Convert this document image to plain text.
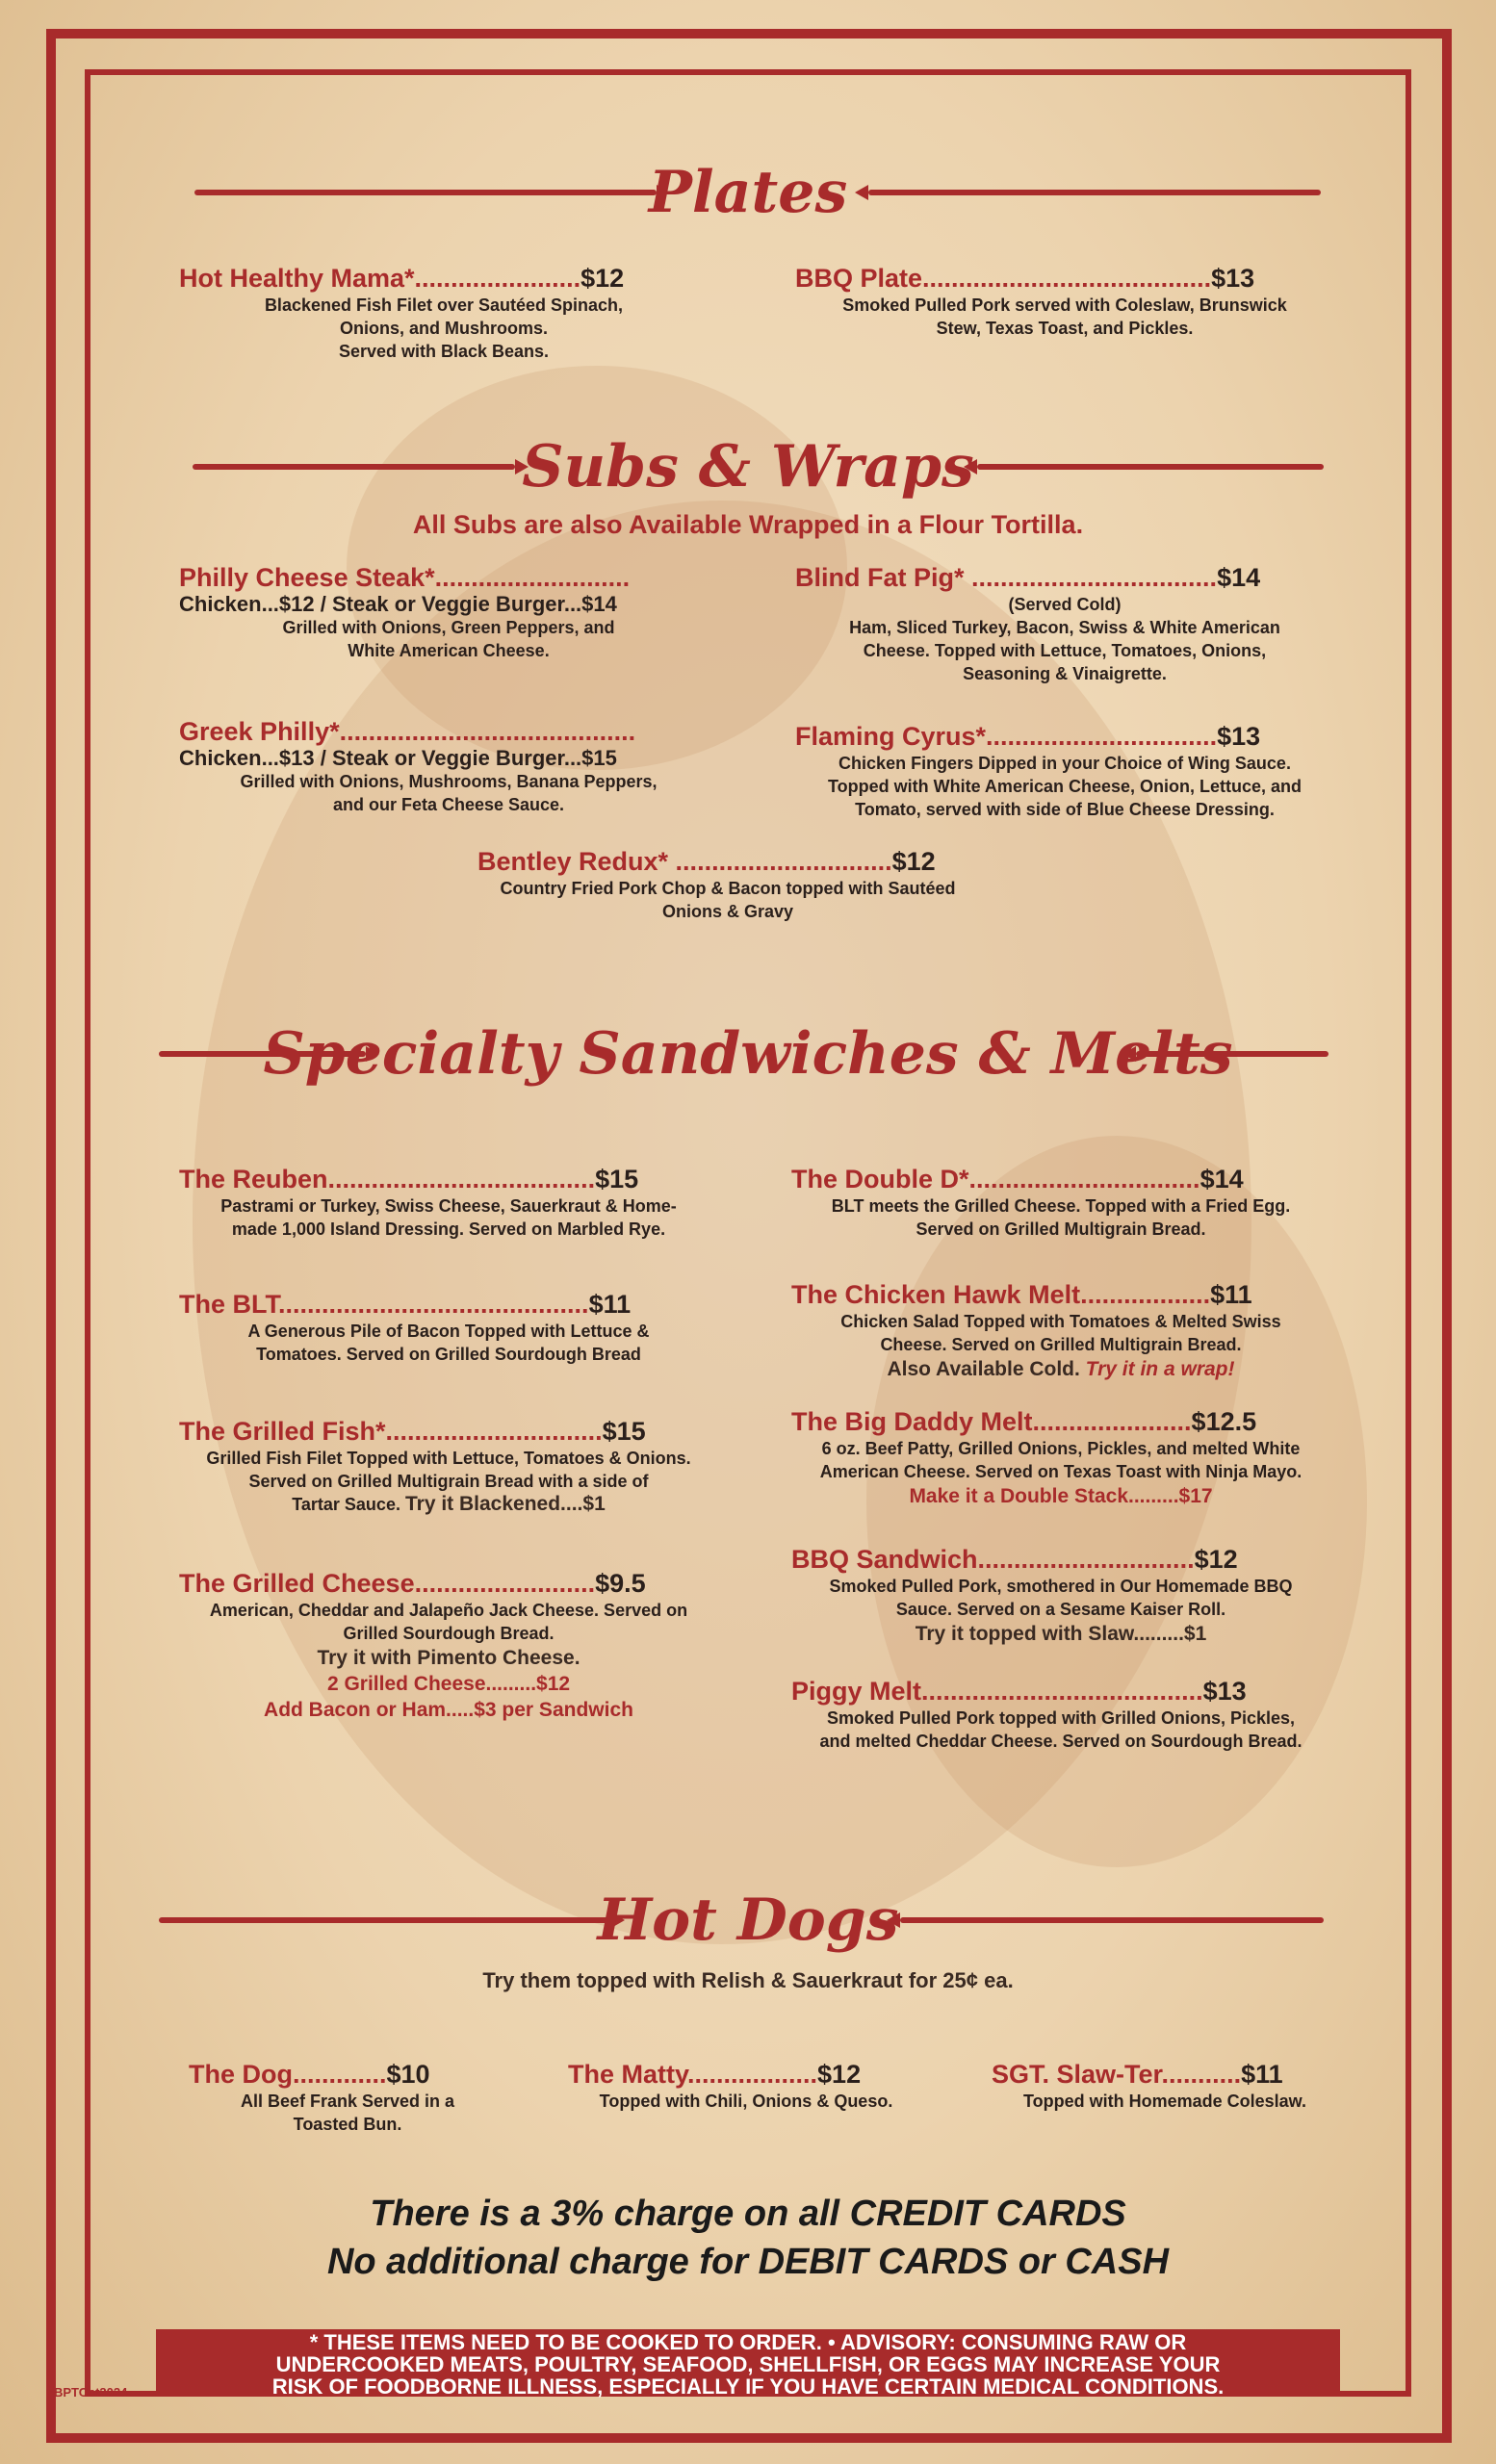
Plates
Hot Healthy Mama*.......................$12
Blackened Fish Filet over Sautéed Spinach,
Onions, and Mushrooms.
Served with Black Beans.
BBQ Plate........................................$13
Smoked Pulled Pork served with Coleslaw, Brunswick
Stew, Texas Toast, and Pickles.
Subs & Wraps
All Subs are also Available Wrapped in a Flour Tortilla.
Philly Cheese Steak*...........................
Chicken...$12 / Steak or Veggie Burger...$14
Grilled with Onions, Green Peppers, and
White American Cheese.
Blind Fat Pig* ..................................$14
(Served Cold)
Ham, Sliced Turkey, Bacon, Swiss & White American
Cheese. Topped with Lettuce, Tomatoes, Onions,
Seasoning & Vinaigrette.
Greek Philly*.........................................
Chicken...$13 / Steak or Veggie Burger...$15
Grilled with Onions, Mushrooms, Banana Peppers,
and our Feta Cheese Sauce.
Flaming Cyrus*................................$13
Chicken Fingers Dipped in your Choice of Wing Sauce.
Topped with White American Cheese, Onion, Lettuce, and
Tomato, served with side of Blue Cheese Dressing.
Bentley Redux* ..............................$12
Country Fried Pork Chop & Bacon topped with Sautéed
Onions & Gravy
Specialty Sandwiches & Melts
The Reuben.....................................$15
Pastrami or Turkey, Swiss Cheese, Sauerkraut & Home-
made 1,000 Island Dressing. Served on Marbled Rye.
The Double D*................................$14
BLT meets the Grilled Cheese. Topped with a Fried Egg.
Served on Grilled Multigrain Bread.
The BLT...........................................$11
A Generous Pile of Bacon Topped with Lettuce &
Tomatoes. Served on Grilled Sourdough Bread
The Chicken Hawk Melt..................$11
Chicken Salad Topped with Tomatoes & Melted Swiss
Cheese. Served on Grilled Multigrain Bread.
Also Available Cold. Try it in a wrap!
The Grilled Fish*..............................$15
Grilled Fish Filet Topped with Lettuce, Tomatoes & Onions.
Served on Grilled Multigrain Bread with a side of
Tartar Sauce. Try it Blackened....$1
The Big Daddy Melt......................$12.5
6 oz. Beef Patty, Grilled Onions, Pickles, and melted White
American Cheese. Served on Texas Toast with Ninja Mayo.
Make it a Double Stack.........$17
The Grilled Cheese.........................$9.5
American, Cheddar and Jalapeño Jack Cheese. Served on
Grilled Sourdough Bread.
Try it with Pimento Cheese.
2 Grilled Cheese.........$12
Add Bacon or Ham.....$3 per Sandwich
BBQ Sandwich..............................$12
Smoked Pulled Pork, smothered in Our Homemade BBQ
Sauce. Served on a Sesame Kaiser Roll.
Try it topped with Slaw.........$1
Piggy Melt.......................................$13
Smoked Pulled Pork topped with Grilled Onions, Pickles,
and melted Cheddar Cheese. Served on Sourdough Bread.
Hot Dogs
Try them topped with Relish & Sauerkraut for 25¢ ea.
The Dog.............$10
All Beef Frank Served in a
Toasted Bun.
The Matty..................$12
Topped with Chili, Onions & Queso.
SGT. Slaw-Ter...........$11
Topped with Homemade Coleslaw.
There is a 3% charge on all CREDIT CARDS
No additional charge for DEBIT CARDS or CASH
* THESE ITEMS NEED TO BE COOKED TO ORDER. • ADVISORY: CONSUMING RAW OR
UNDERCOOKED MEATS, POULTRY, SEAFOOD, SHELLFISH, OR EGGS MAY INCREASE YOUR
RISK OF FOODBORNE ILLNESS, ESPECIALLY IF YOU HAVE CERTAIN MEDICAL CONDITIONS.
BPTOct2024
